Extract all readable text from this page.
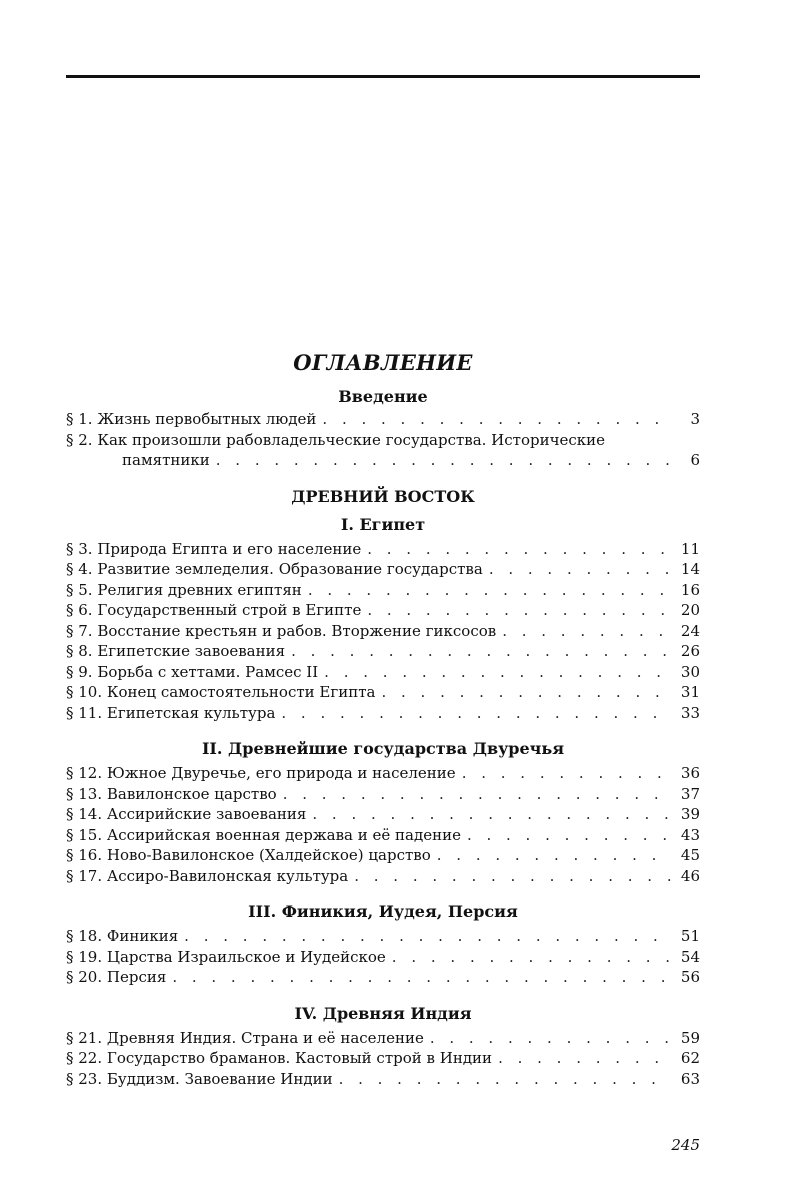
ОГЛАВЛЕНИЕ
Введение
§ 1. Жизнь первобытных людей . . .	3
§ 2. Как произошли рабовладельческие государства. Исторические
памятники . . .	6
ДРЕВНИЙ ВОСТОК
I. Египет
§ 3. Природа Египта и его население . . .	11
§ 4. Развитие земледелия. Образование государства . . .	14
§ 5. Религия древних египтян . . .	16
§ 6. Государственный строй в Египте . . .	20
§ 7. Восстание крестьян и рабов. Вторжение гиксосов . . .	24
§ 8. Египетские завоевания . . .	26
§ 9. Борьба с хеттами. Рамсес II . . .	30
§ 10. Конец самостоятельности Египта . . .	31
§ 11. Египетская культура . . .	33
II. Древнейшие государства Двуречья
§ 12. Южное Двуречье, его природа и население . . .	36
§ 13. Вавилонское царство . . .	37
§ 14. Ассирийские завоевания . . .	39
§ 15. Ассирийская военная держава и её падение . . .	43
§ 16. Ново-Вавилонское (Халдейское) царство . . .	45
§ 17. Ассиро-Вавилонская культура . . .	46
III. Финикия, Иудея, Персия
§ 18. Финикия . . .	51
§ 19. Царства Израильское и Иудейское . . .	54
§ 20. Персия . . .	56
IV. Древняя Индия
§ 21. Древняя Индия. Страна и её население . . .	59
§ 22. Государство браманов. Кастовый строй в Индии . . .	62
§ 23. Буддизм. Завоевание Индии . . .	63
245
